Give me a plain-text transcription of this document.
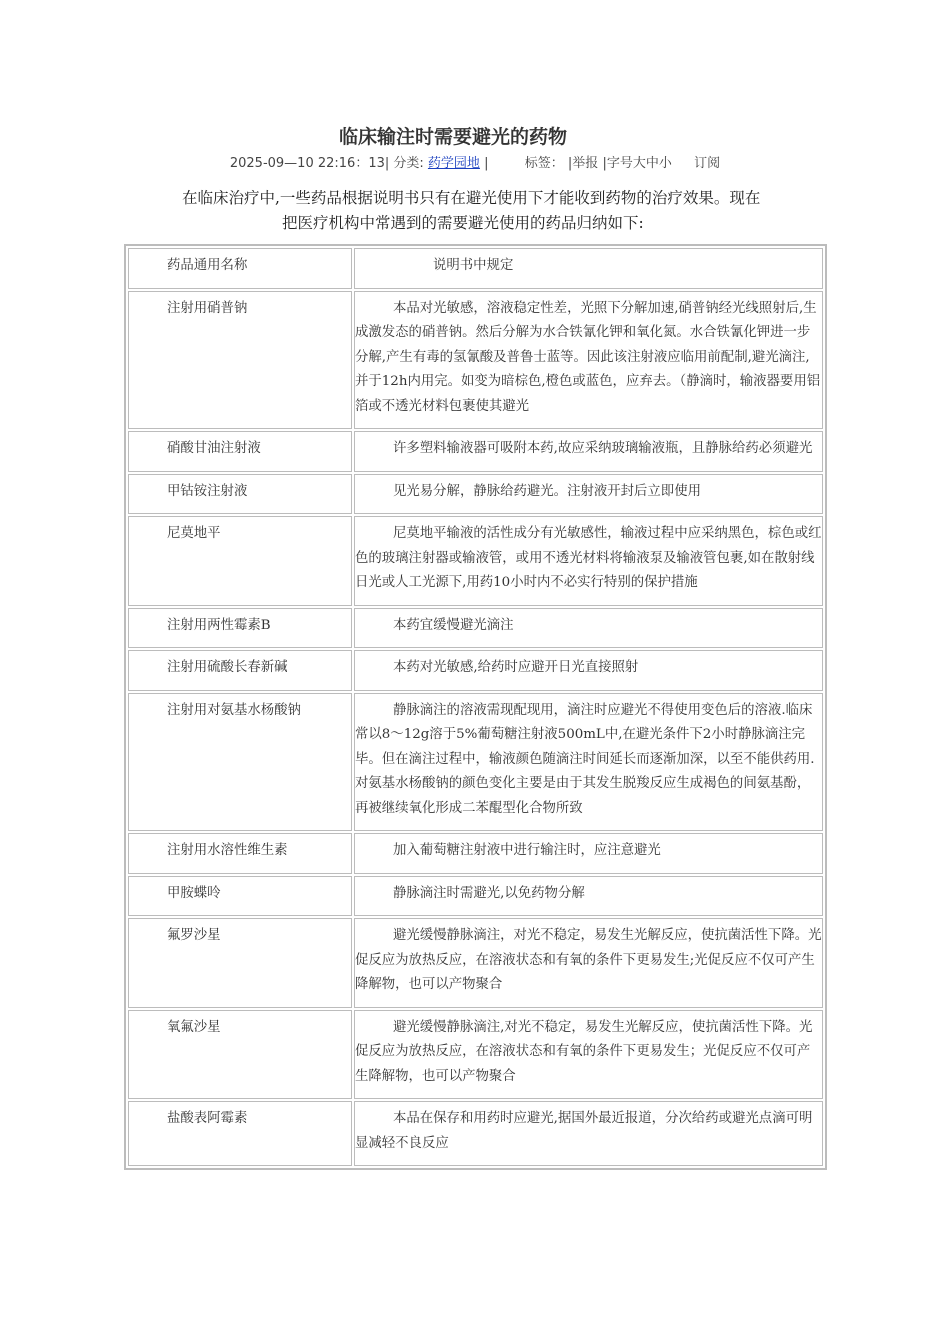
临床输注时需要避光的药物
2025-09—10 22:16：13| 分类: 药学园地 |	标签： |举报 |字号大中小 订阅
在临床治疗中,一些药品根据说明书只有在避光使用下才能收到药物的治疗效果。现在
把医疗机构中常遇到的需要避光使用的药品归纳如下:
药品通用名称	说明书中规定

注射用硝普钠	本品对光敏感，溶液稳定性差，光照下分解加速,硝普钠经光线照射后,生成激发态的硝普钠。然后分解为水合铁氰化钾和氧化氮。水合铁氰化钾进一步分解,产生有毒的氢氰酸及普鲁士蓝等。因此该注射液应临用前配制,避光滴注,并于12h内用完。如变为暗棕色,橙色或蓝色，应弃去。（静滴时，输液器要用铝箔或不透光材料包裹使其避光

硝酸甘油注射液	许多塑料输液器可吸附本药,故应采纳玻璃输液瓶，且静脉给药必须避光

甲钴铵注射液	见光易分解，静脉给药避光。注射液开封后立即使用

尼莫地平	尼莫地平输液的活性成分有光敏感性，输液过程中应采纳黑色，棕色或红色的玻璃注射器或输液管，或用不透光材料将输液泵及输液管包裹,如在散射线日光或人工光源下,用药10小时内不必实行特别的保护措施

注射用两性霉素B	本药宜缓慢避光滴注

注射用硫酸长春新碱	本药对光敏感,给药时应避开日光直接照射

注射用对氨基水杨酸钠	静脉滴注的溶液需现配现用，滴注时应避光不得使用变色后的溶液.临床常以8～12g溶于5%葡萄糖注射液500mL中,在避光条件下2小时静脉滴注完毕。但在滴注过程中，输液颜色随滴注时间延长而逐渐加深，以至不能供药用.对氨基水杨酸钠的颜色变化主要是由于其发生脱羧反应生成褐色的间氨基酚，再被继续氧化形成二苯醌型化合物所致

注射用水溶性维生素	加入葡萄糖注射液中进行输注时，应注意避光

甲胺蝶呤	静脉滴注时需避光,以免药物分解

氟罗沙星	避光缓慢静脉滴注，对光不稳定，易发生光解反应，使抗菌活性下降。光促反应为放热反应，在溶液状态和有氧的条件下更易发生;光促反应不仅可产生降解物，也可以产物聚合

氧氟沙星	避光缓慢静脉滴注,对光不稳定，易发生光解反应，使抗菌活性下降。光促反应为放热反应，在溶液状态和有氧的条件下更易发生；光促反应不仅可产生降解物，也可以产物聚合

盐酸表阿霉素	本品在保存和用药时应避光,据国外最近报道，分次给药或避光点滴可明显减轻不良反应
